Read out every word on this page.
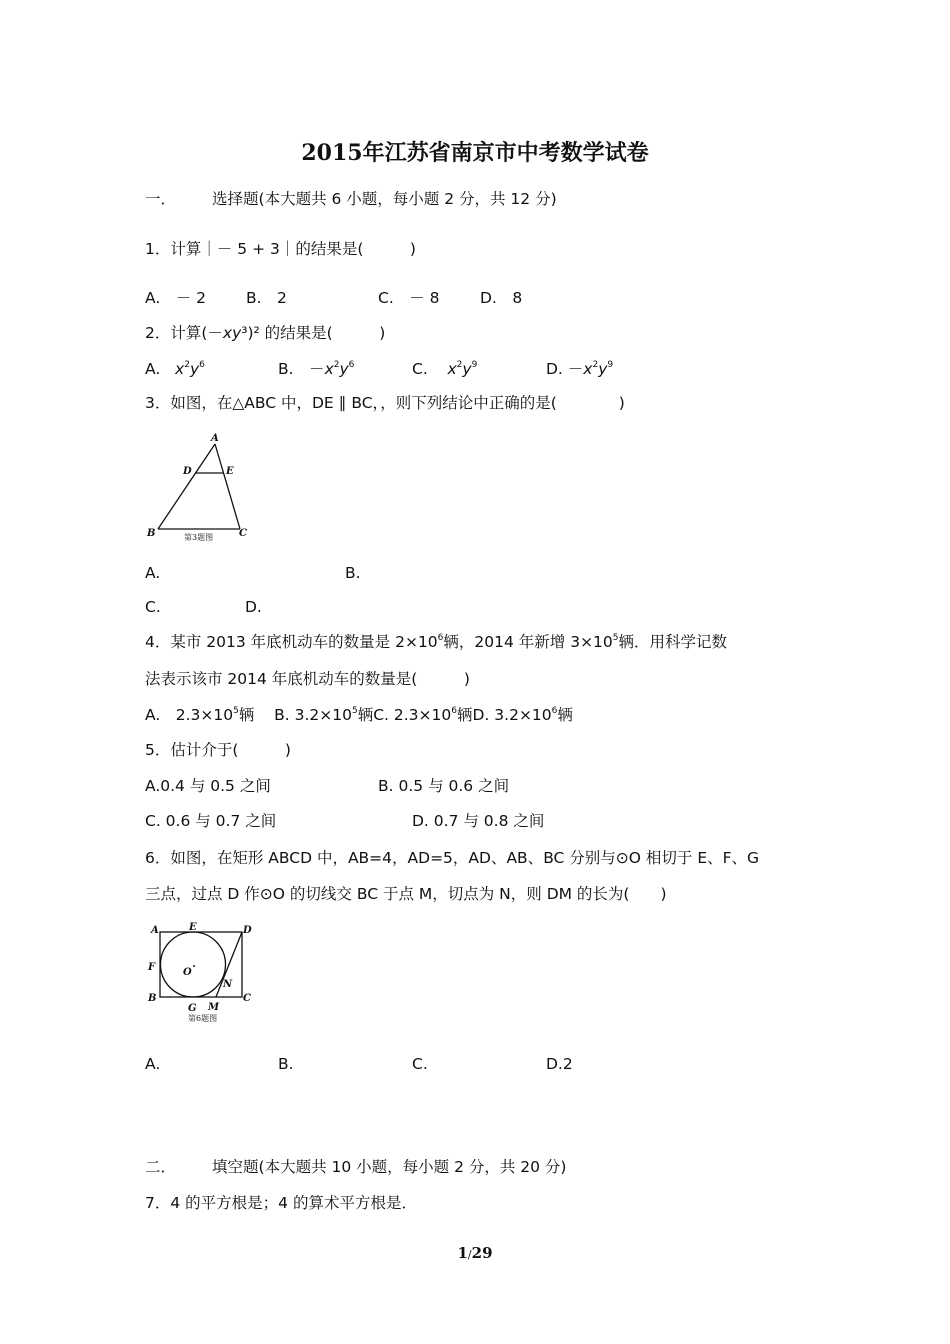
2015年江苏省南京市中考数学试卷
一． 选择题(本大题共 6 小题，每小题 2 分，共 12 分)
1．计算｜－ 5 + 3｜的结果是(　　　)
A.　－ 2	B.　2	C.　－ 8	D.　8
2．计算(－xy³)² 的结果是(　　　)
A. $x^2y^6$	B.　$-x^2y^6$	C. $x^2y^9$	D. $-x^2y^9$
3．如图，在△ABC 中，DE ∥ BC，，则下列结论中正确的是(　　　　)
A
D	E
B	C
第3题图
A.	B.
C.	D.
4．某市 2013 年底机动车的数量是 $2\times 10^6$辆，2014 年新增 $3\times 10^5$辆．用科学记数
法表示该市 2014 年底机动车的数量是(　　　)
A.　$2.3\times 10^5$辆 B. $3.2\times 10^5$辆C. $2.3\times 10^6$辆D. $3.2\times 10^6$辆
5．估计介于(　　　)
A.0.4 与 0.5 之间	B. 0.5 与 0.6 之间
C. 0.6 与 0.7 之间	D. 0.7 与 0.8 之间
6．如图，在矩形 ABCD 中，AB=4，AD=5，AD、AB、BC 分别与⊙O 相切于 E、F、G
三点，过点 D 作⊙O 的切线交 BC 于点 M，切点为 N，则 DM 的长为(　　)
A	E	D
F	O
N
B	C
G M
第6题图
A.	B.	C.	D.2
二． 填空题(本大题共 10 小题，每小题 2 分，共 20 分)
7．4 的平方根是；4 的算术平方根是．
1/29
